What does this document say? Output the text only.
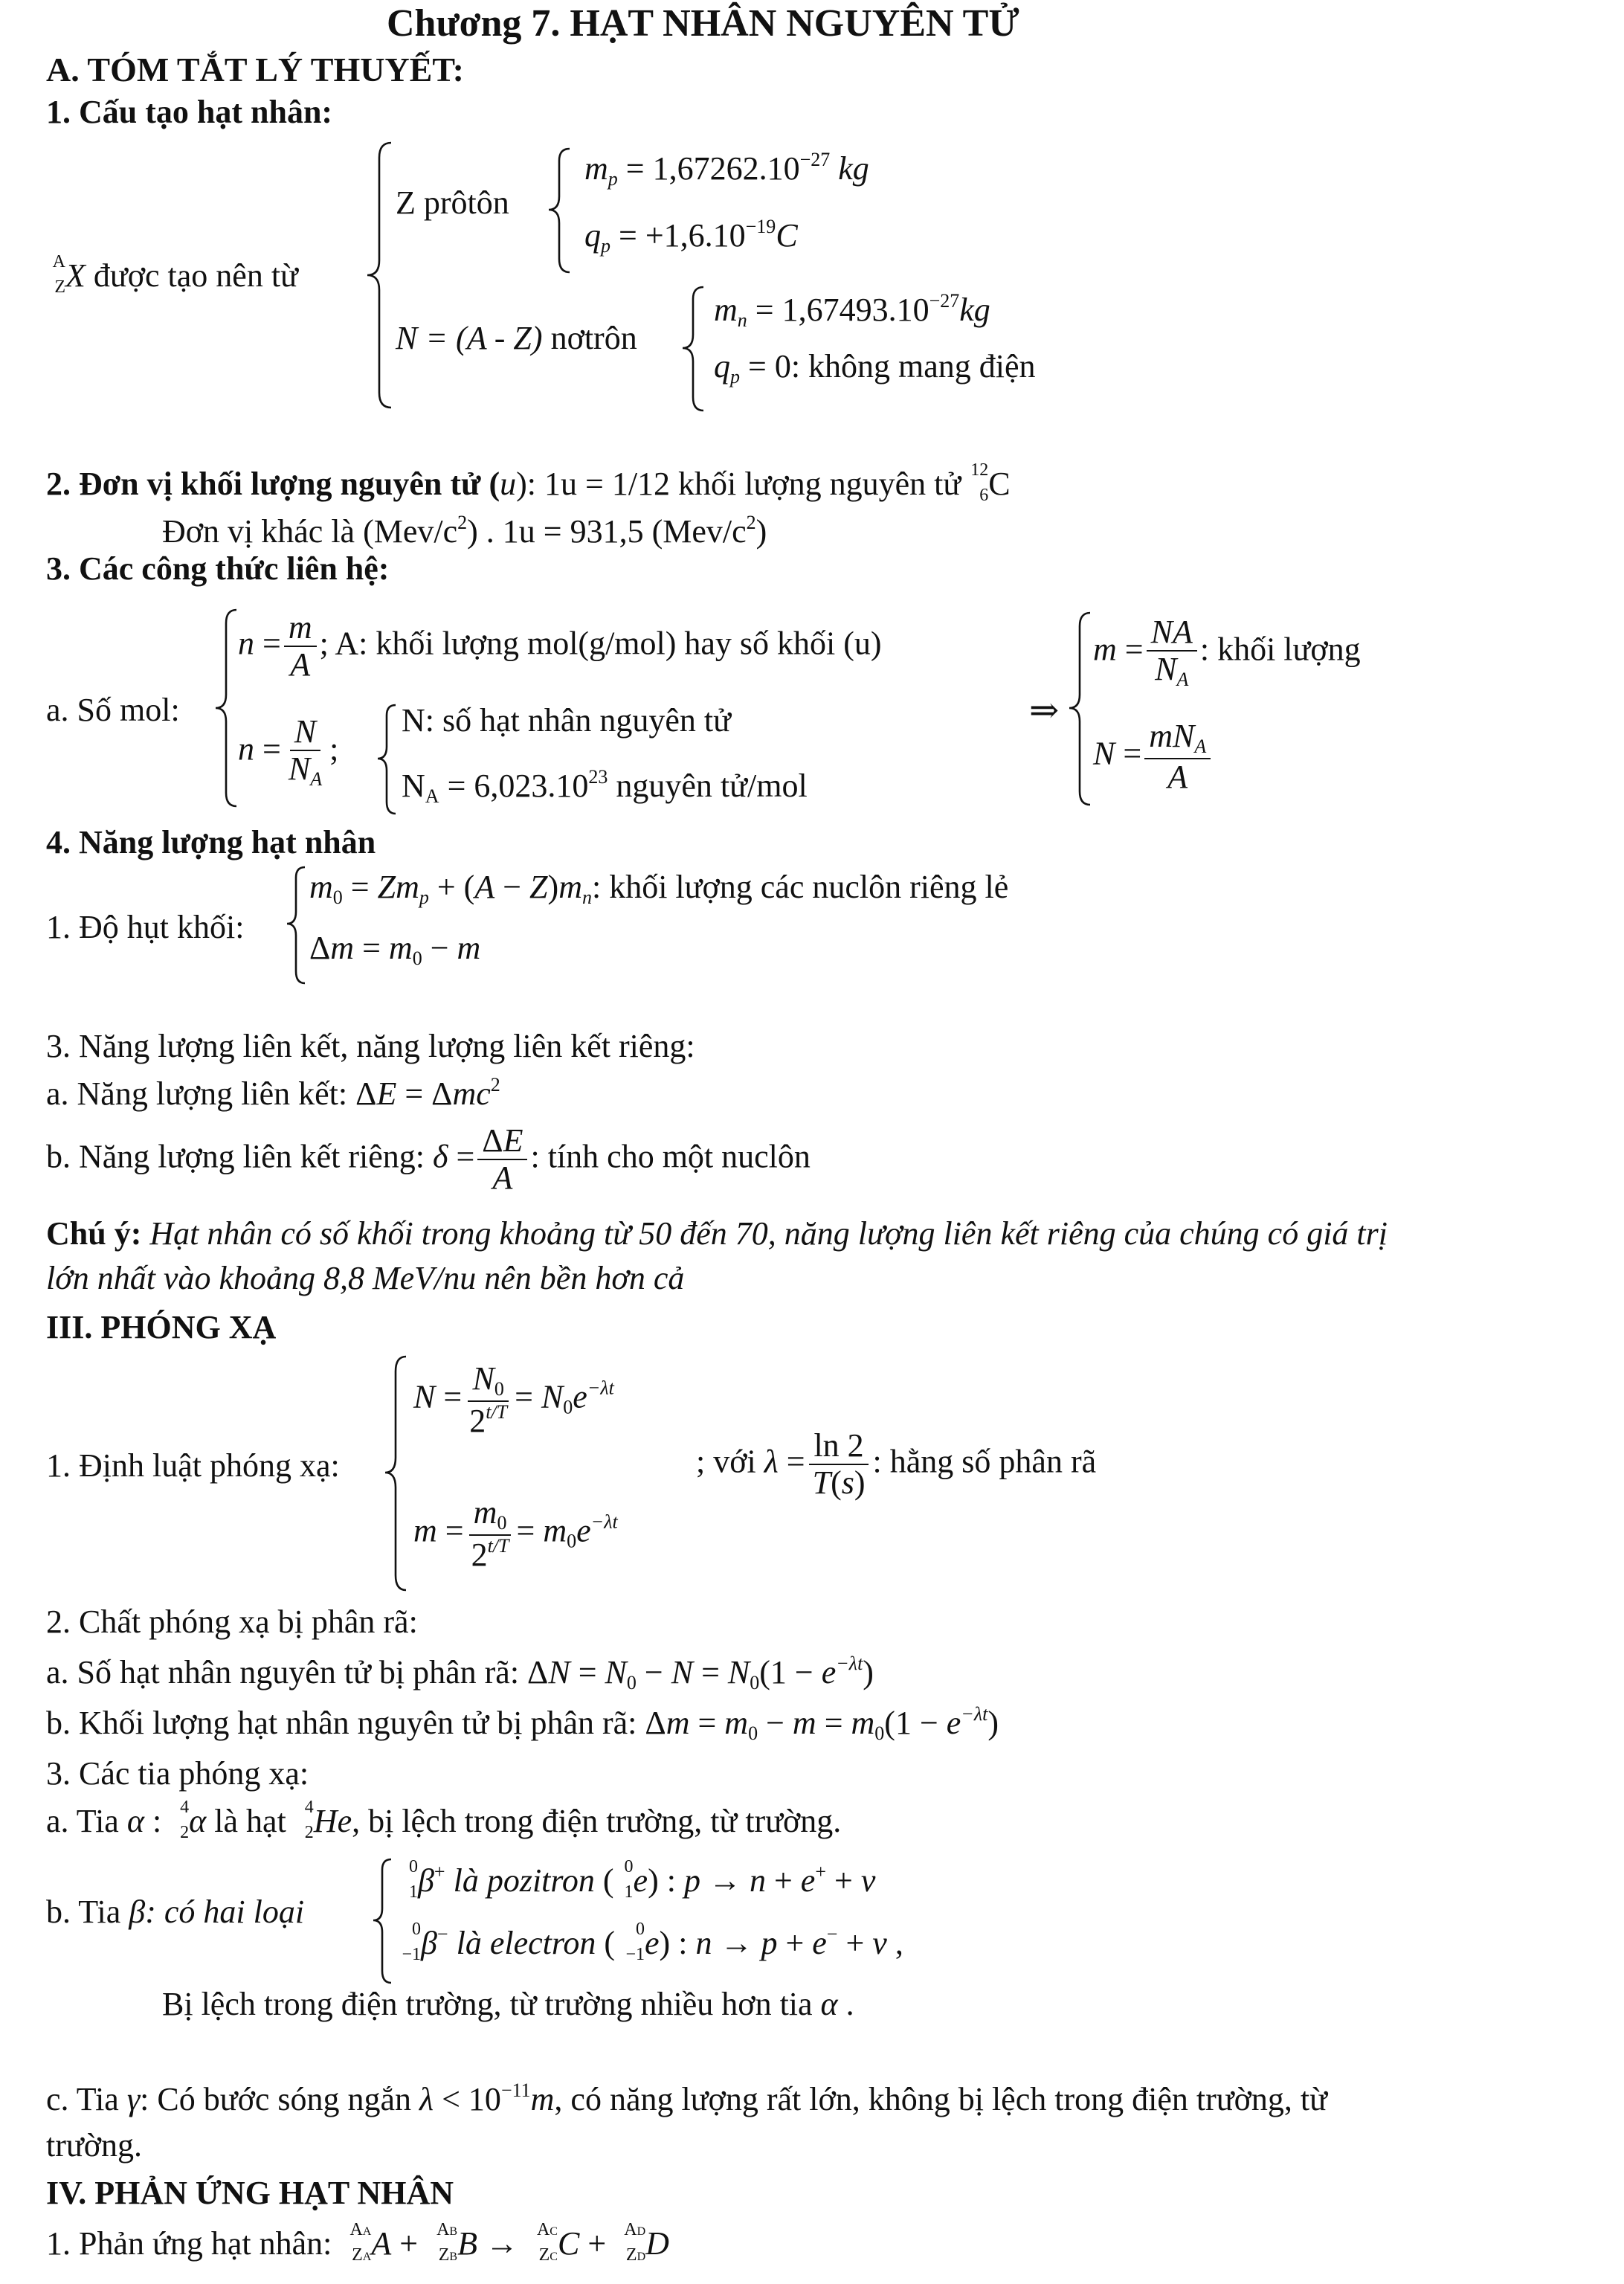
Chương 7. HẠT NHÂN NGUYÊN TỬ
A. TÓM TẮT LÝ THUYẾT:
1. Cấu tạo hạt nhân:
A
Z X được tạo nên từ
Z prôtôn
$m_p = 1,67262.10^{-27}$ kg
$q_p = +1,6.10^{-19}C$
N = (A - Z) nơtrôn
$m_n = 1,67493.10^{-27}kg$
$q_p = 0$: không mang điện
2. Đơn vị khối lượng nguyên tử (u): 1u = 1/12 khối lượng nguyên tử 12
6 C
Đơn vị khác là $(Mev/c^2)$ . 1u = 931,5 $(Mev/c^2)$
3. Các công thức liên hệ:
a. Số mol:
$n = \frac{m}{A}$ ; A: khối lượng mol(g/mol) hay số khối (u)
$n = \frac{N}{N_A}$ ;
N: số hạt nhân nguyên tử
$N_A = 6,023.10^{23}$ nguyên tử/mol
⇒
$m = \frac{NA}{N_A}$ : khối lượng
$N = \frac{mN_A}{A}$
4. Năng lượng hạt nhân
1. Độ hụt khối:
$m_0 = Zm_p + (A - Z)m_n$: khối lượng các nuclôn riêng lẻ
$\Delta m = m_0 - m$
3. Năng lượng liên kết, năng lượng liên kết riêng:
a. Năng lượng liên kết: ΔE = Δmc$^2$
b. Năng lượng liên kết riêng: $\delta = \frac{\Delta E}{A}$ : tính cho một nuclôn
Chú ý: Hạt nhân có số khối trong khoảng từ 50 đến 70, năng lượng liên kết riêng của chúng có giá trị
lớn nhất vào khoảng 8,8 MeV/nu nên bền hơn cả
III. PHÓNG XẠ
1. Định luật phóng xạ:
$N = \frac{N_0}{2^{t/T}} = N_0e^{-\lambda t}$
$m = \frac{m_0}{2^{t/T}} = m_0e^{-\lambda t}$
; với $\lambda = \frac{\ln 2}{T(s)}$ : hằng số phân rã
2. Chất phóng xạ bị phân rã:
a. Số hạt nhân nguyên tử bị phân rã: $\Delta N = N_0 - N = N_0(1 - e^{-\lambda t})$
b. Khối lượng hạt nhân nguyên tử bị phân rã: $\Delta m = m_0 - m = m_0(1 - e^{-\lambda t})$
3. Các tia phóng xạ:
a. Tia α : 4
2 α là hạt 4
2 He, bị lệch trong điện trường, từ trường.
b. Tia β: có hai loại
0
1 β+ là pozitron ( 0
1 e) : p → n + e+ + ν
0
−1 β− là electron ( 0
−1 e) : n → p + e− + ν ,
Bị lệch trong điện trường, từ trường nhiều hơn tia α .
c. Tia γ: Có bước sóng ngắn $\lambda < 10^{-11}m$, có năng lượng rất lớn, không bị lệch trong điện trường, từ
trường.
IV. PHẢN ỨNG HẠT NHÂN
1. Phản ứng hạt nhân: AA
ZA A + AB
ZB B → AC
ZC C + AD
ZD D
